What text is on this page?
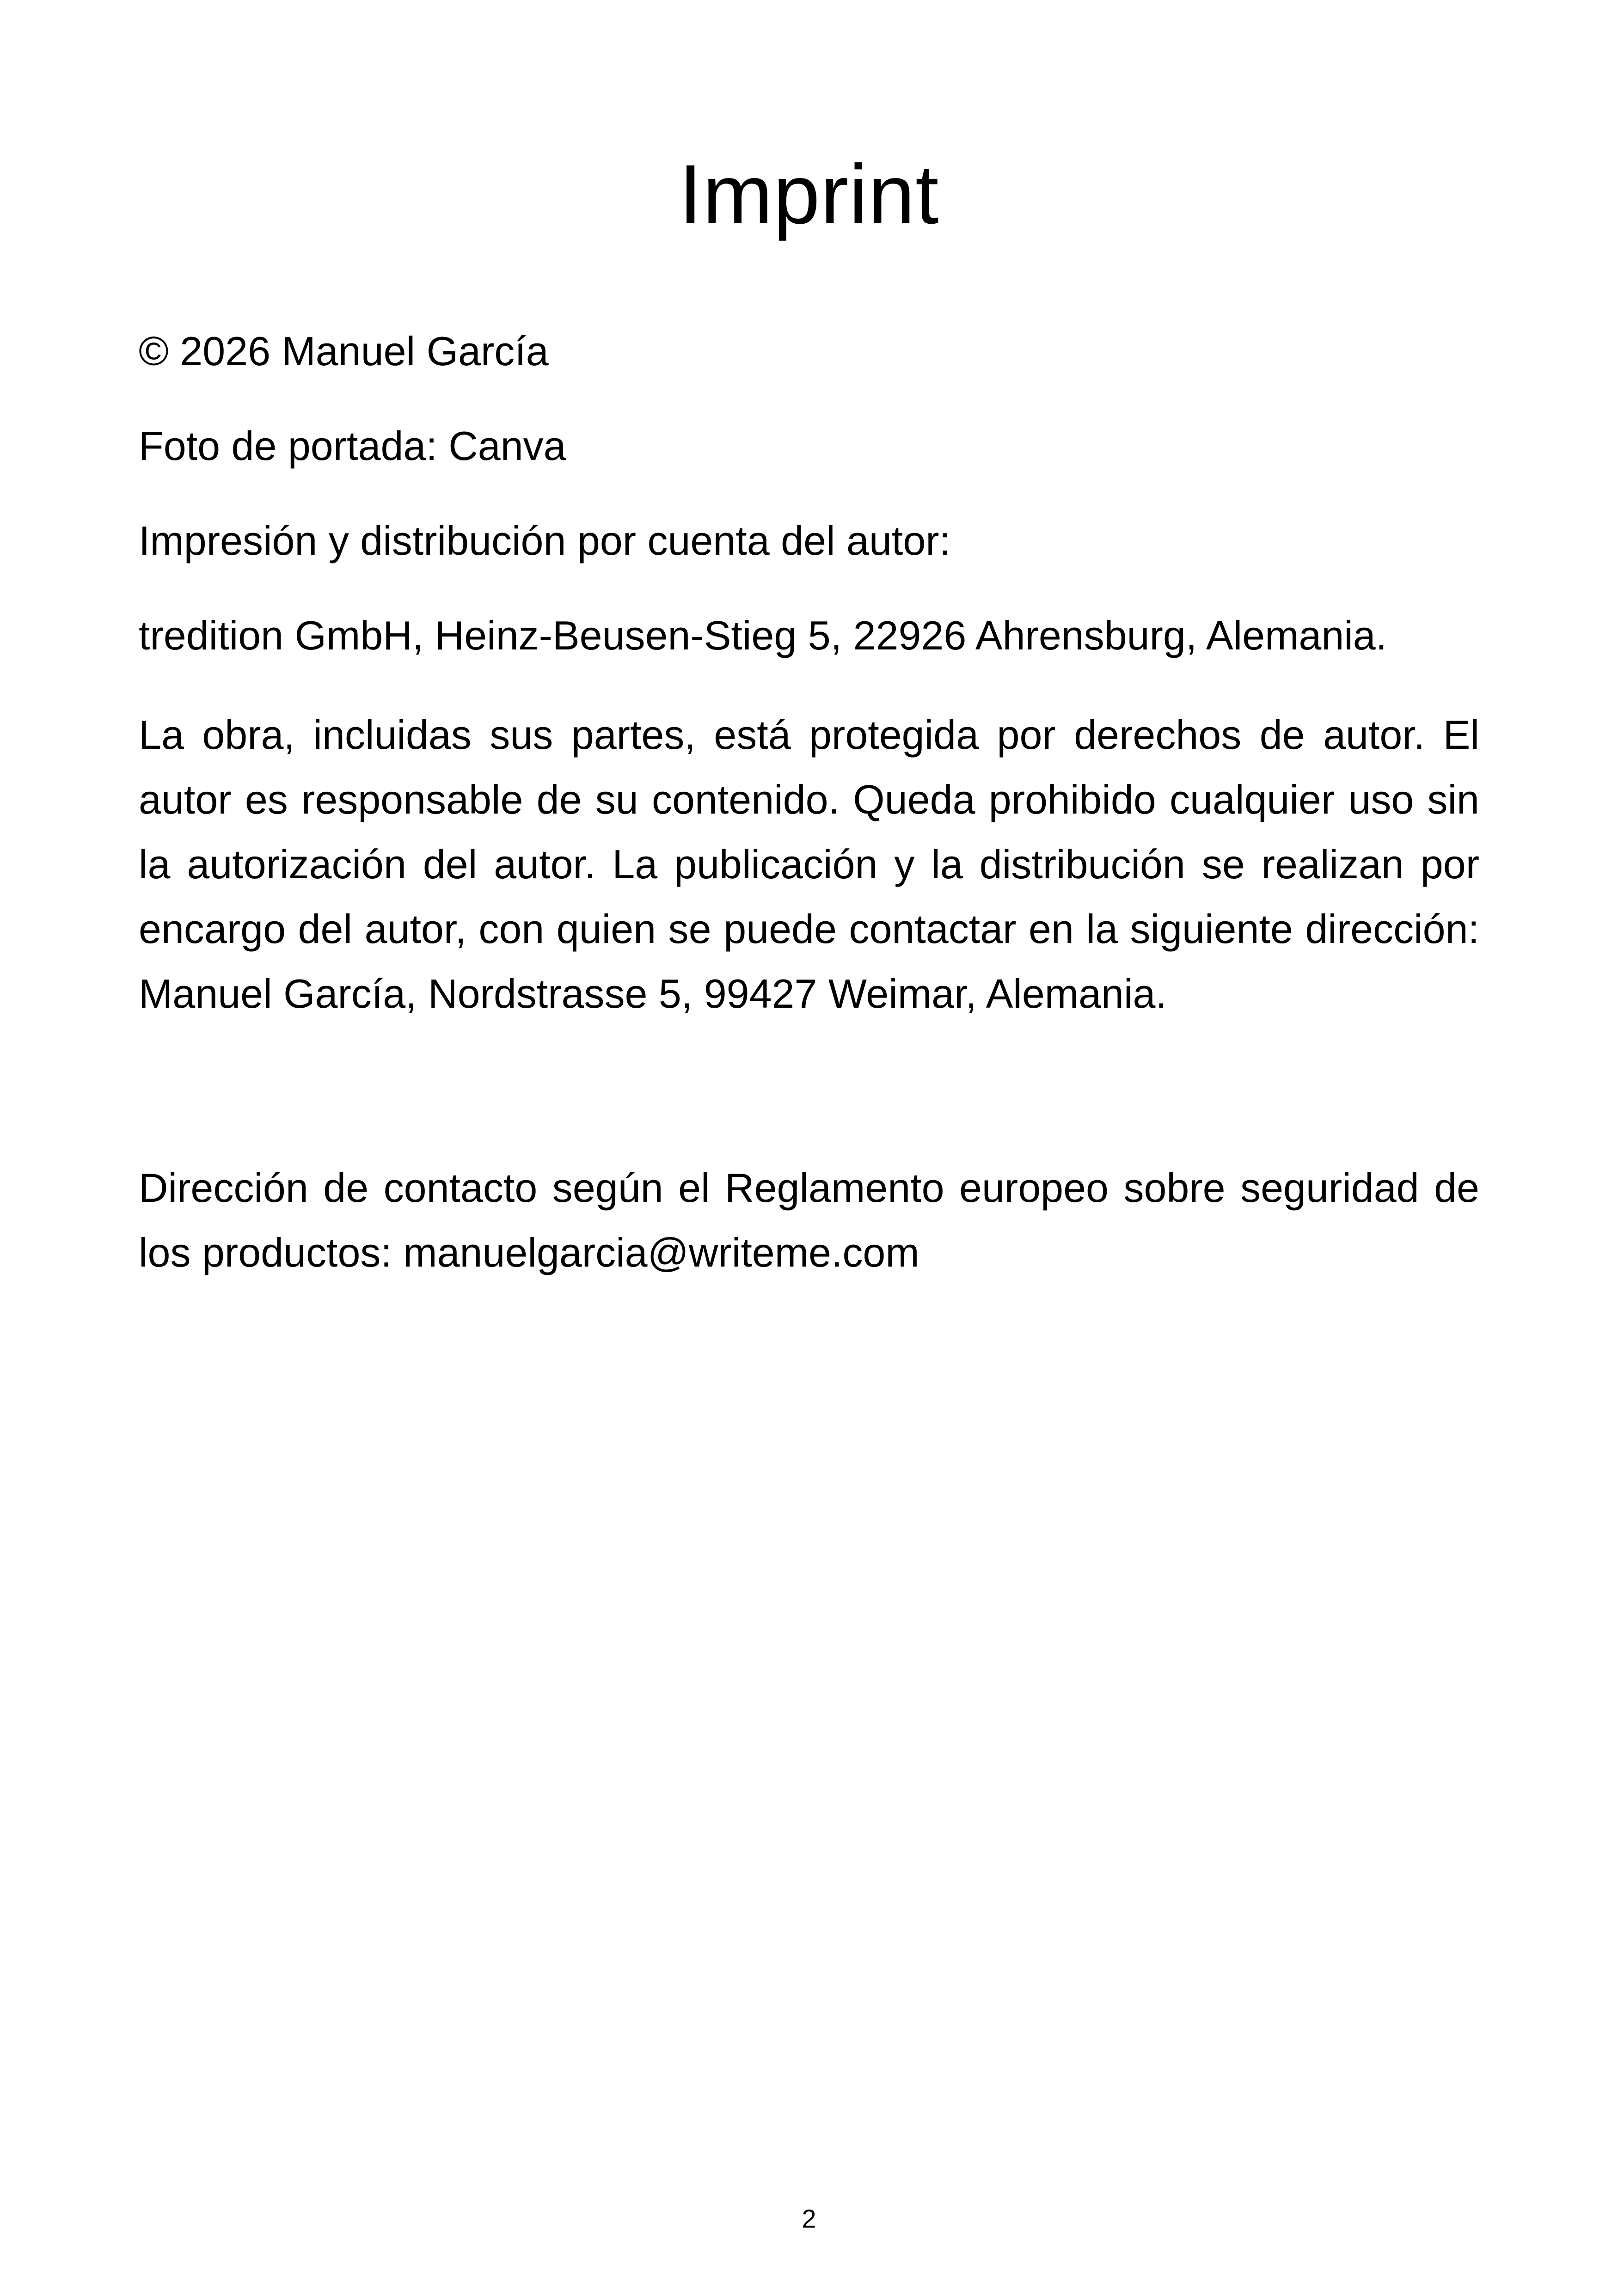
Imprint
© 2026 Manuel García
Foto de portada: Canva
Impresión y distribución por cuenta del autor:
tredition GmbH, Heinz-Beusen-Stieg 5, 22926 Ahrensburg, Alemania.
La obra, incluidas sus partes, está protegida por derechos de autor. El autor es responsable de su contenido. Queda prohibido cualquier uso sin la autorización del autor. La publicación y la distribución se realizan por encargo del autor, con quien se puede contactar en la siguiente dirección: Manuel García, Nordstrasse 5, 99427 Weimar, Alemania.
Dirección de contacto según el Reglamento europeo sobre seguridad de los productos: manuelgarcia@writeme.com
2
